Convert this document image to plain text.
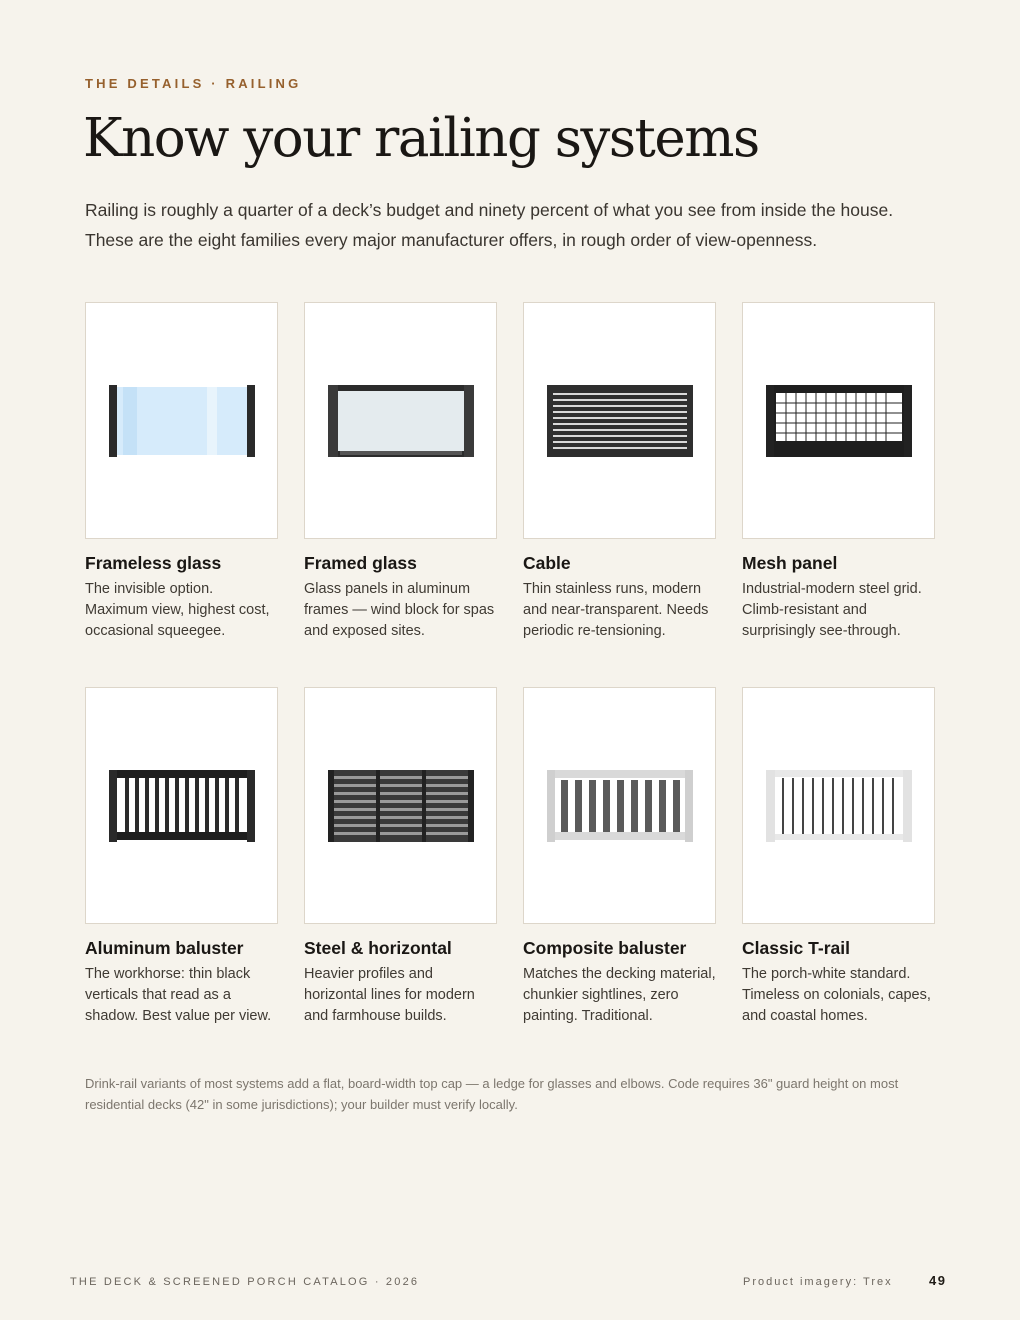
THE DETAILS · RAILING
Know your railing systems

Railing is roughly a quarter of a deck’s budget and ninety percent of what you see from inside the house. These are the eight families every major manufacturer offers, in rough order of view-openness.

Frameless glass
The invisible option. Maximum view, highest cost, occasional squeegee.
Framed glass
Glass panels in aluminum frames — wind block for spas and exposed sites.
Cable
Thin stainless runs, modern and near-transparent. Needs periodic re-tensioning.
Mesh panel
Industrial-modern steel grid. Climb-resistant and surprisingly see-through.
Aluminum baluster
The workhorse: thin black verticals that read as a shadow. Best value per view.
Steel & horizontal
Heavier profiles and horizontal lines for modern and farmhouse builds.
Composite baluster
Matches the decking material, chunkier sightlines, zero painting. Traditional.
Classic T-rail
The porch-white standard. Timeless on colonials, capes, and coastal homes.

Drink-rail variants of most systems add a flat, board-width top cap — a ledge for glasses and elbows. Code requires 36" guard height on most residential decks (42" in some jurisdictions); your builder must verify locally.

THE DECK & SCREENED PORCH CATALOG · 2026	Product imagery: Trex	49
